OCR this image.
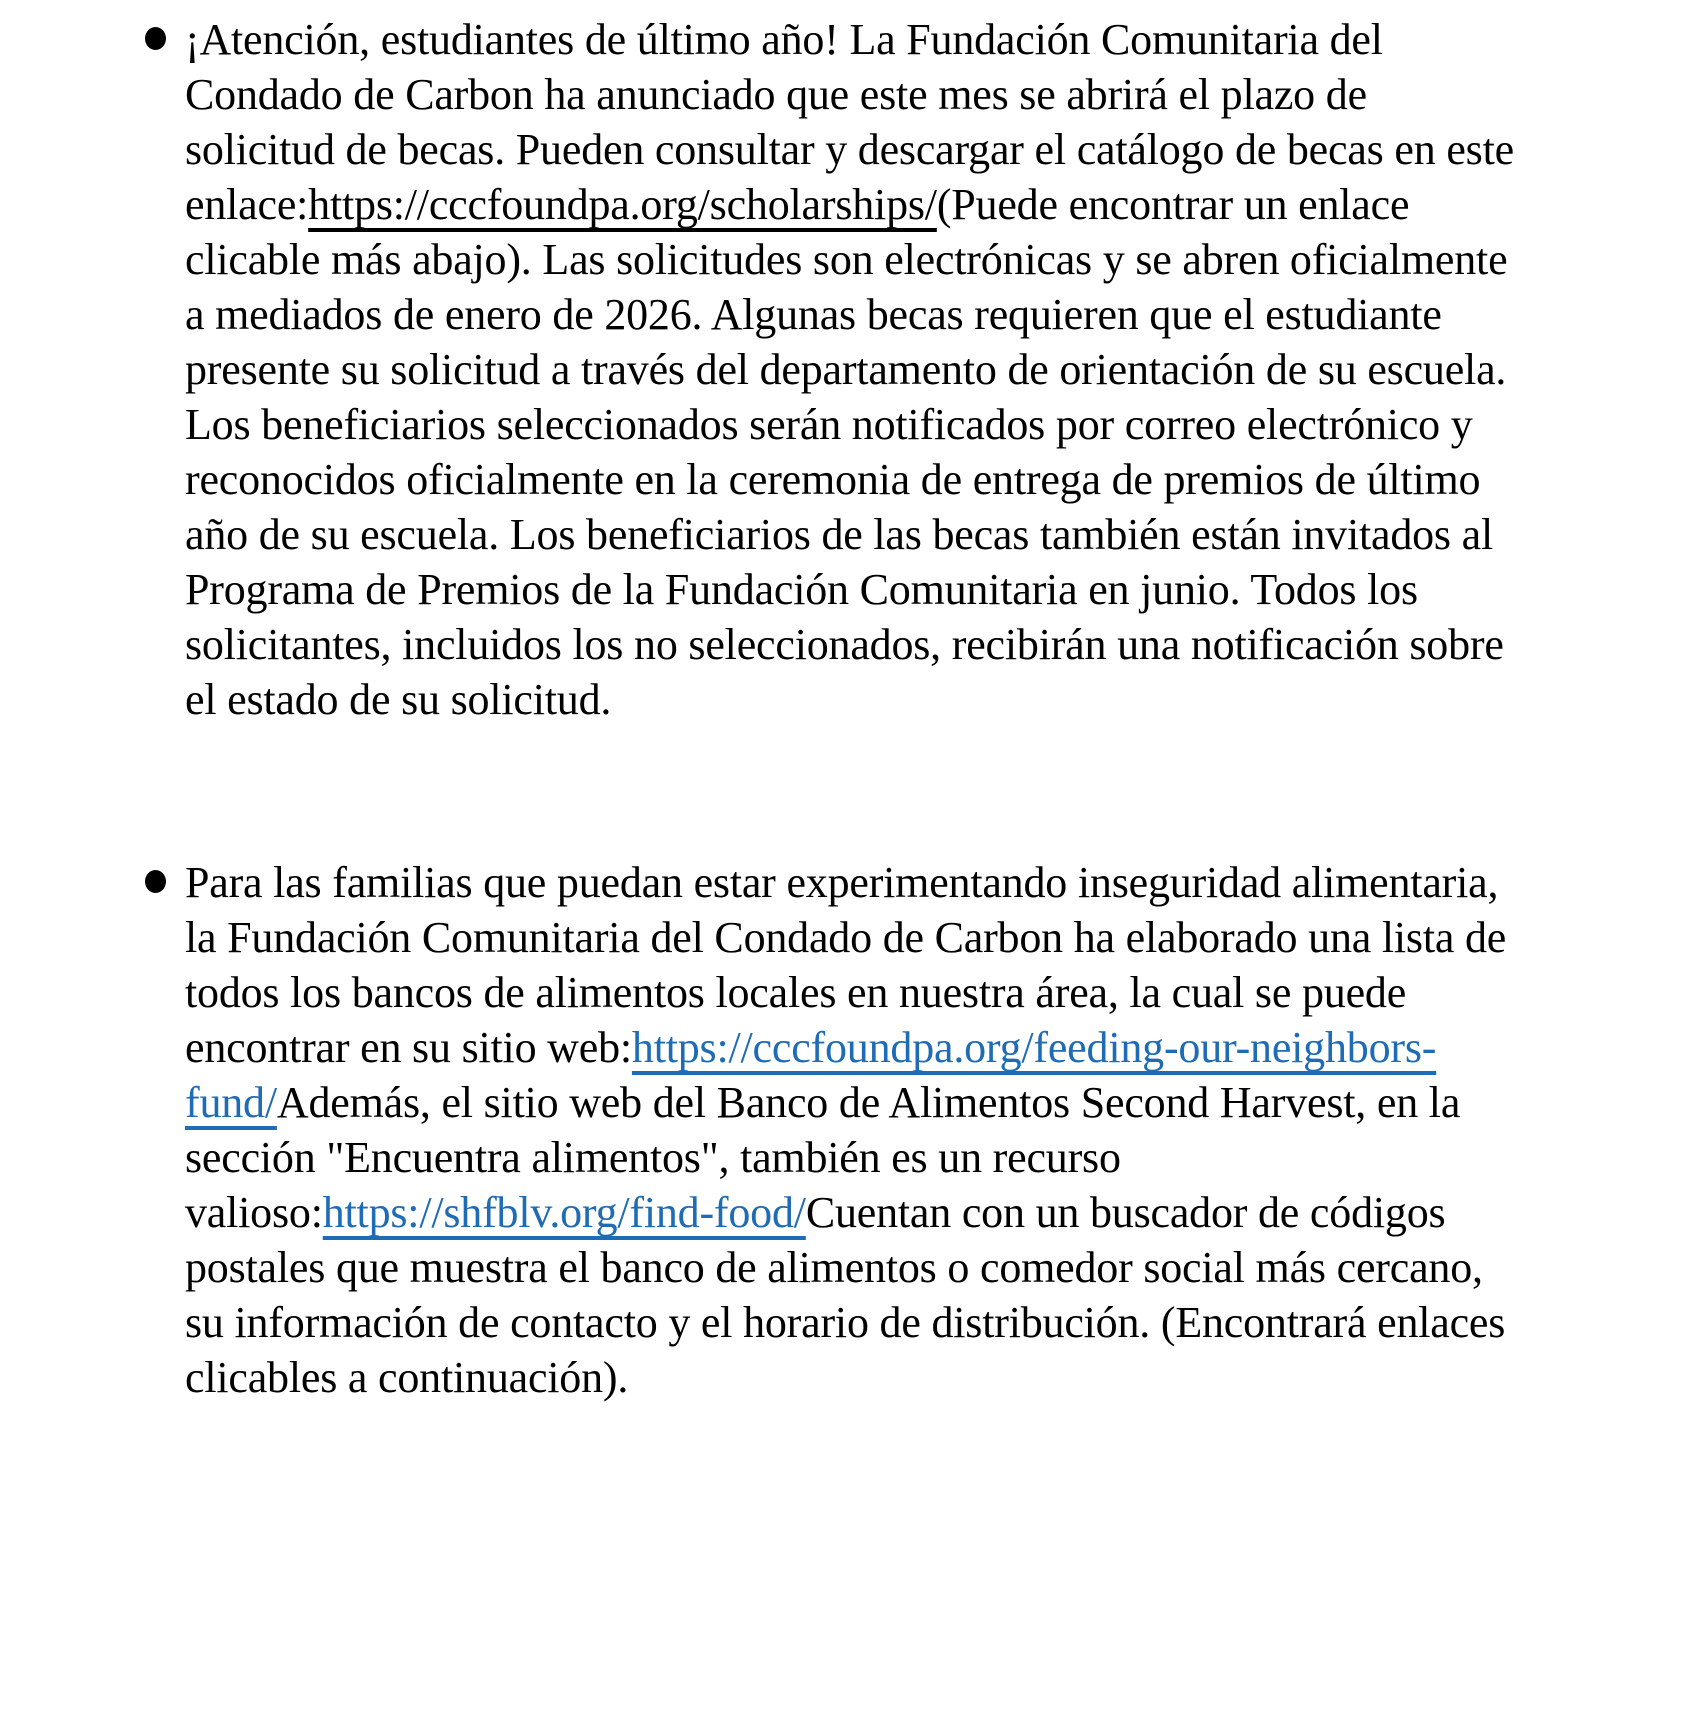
¡Atención, estudiantes de último año! La Fundación Comunitaria del Condado de Carbon ha anunciado que este mes se abrirá el plazo de solicitud de becas. Pueden consultar y descargar el catálogo de becas en este enlace:https://cccfoundpa.org/scholarships/(Puede encontrar un enlace clicable más abajo). Las solicitudes son electrónicas y se abren oficialmente a mediados de enero de 2026. Algunas becas requieren que el estudiante presente su solicitud a través del departamento de orientación de su escuela. Los beneficiarios seleccionados serán notificados por correo electrónico y reconocidos oficialmente en la ceremonia de entrega de premios de último año de su escuela. Los beneficiarios de las becas también están invitados al Programa de Premios de la Fundación Comunitaria en junio. Todos los solicitantes, incluidos los no seleccionados, recibirán una notificación sobre el estado de su solicitud.
Para las familias que puedan estar experimentando inseguridad alimentaria, la Fundación Comunitaria del Condado de Carbon ha elaborado una lista de todos los bancos de alimentos locales en nuestra área, la cual se puede encontrar en su sitio web:https://cccfoundpa.org/feeding-our-neighbors-fund/Además, el sitio web del Banco de Alimentos Second Harvest, en la sección "Encuentra alimentos", también es un recurso valioso:https://shfblv.org/find-food/Cuentan con un buscador de códigos postales que muestra el banco de alimentos o comedor social más cercano, su información de contacto y el horario de distribución. (Encontrará enlaces clicables a continuación).
